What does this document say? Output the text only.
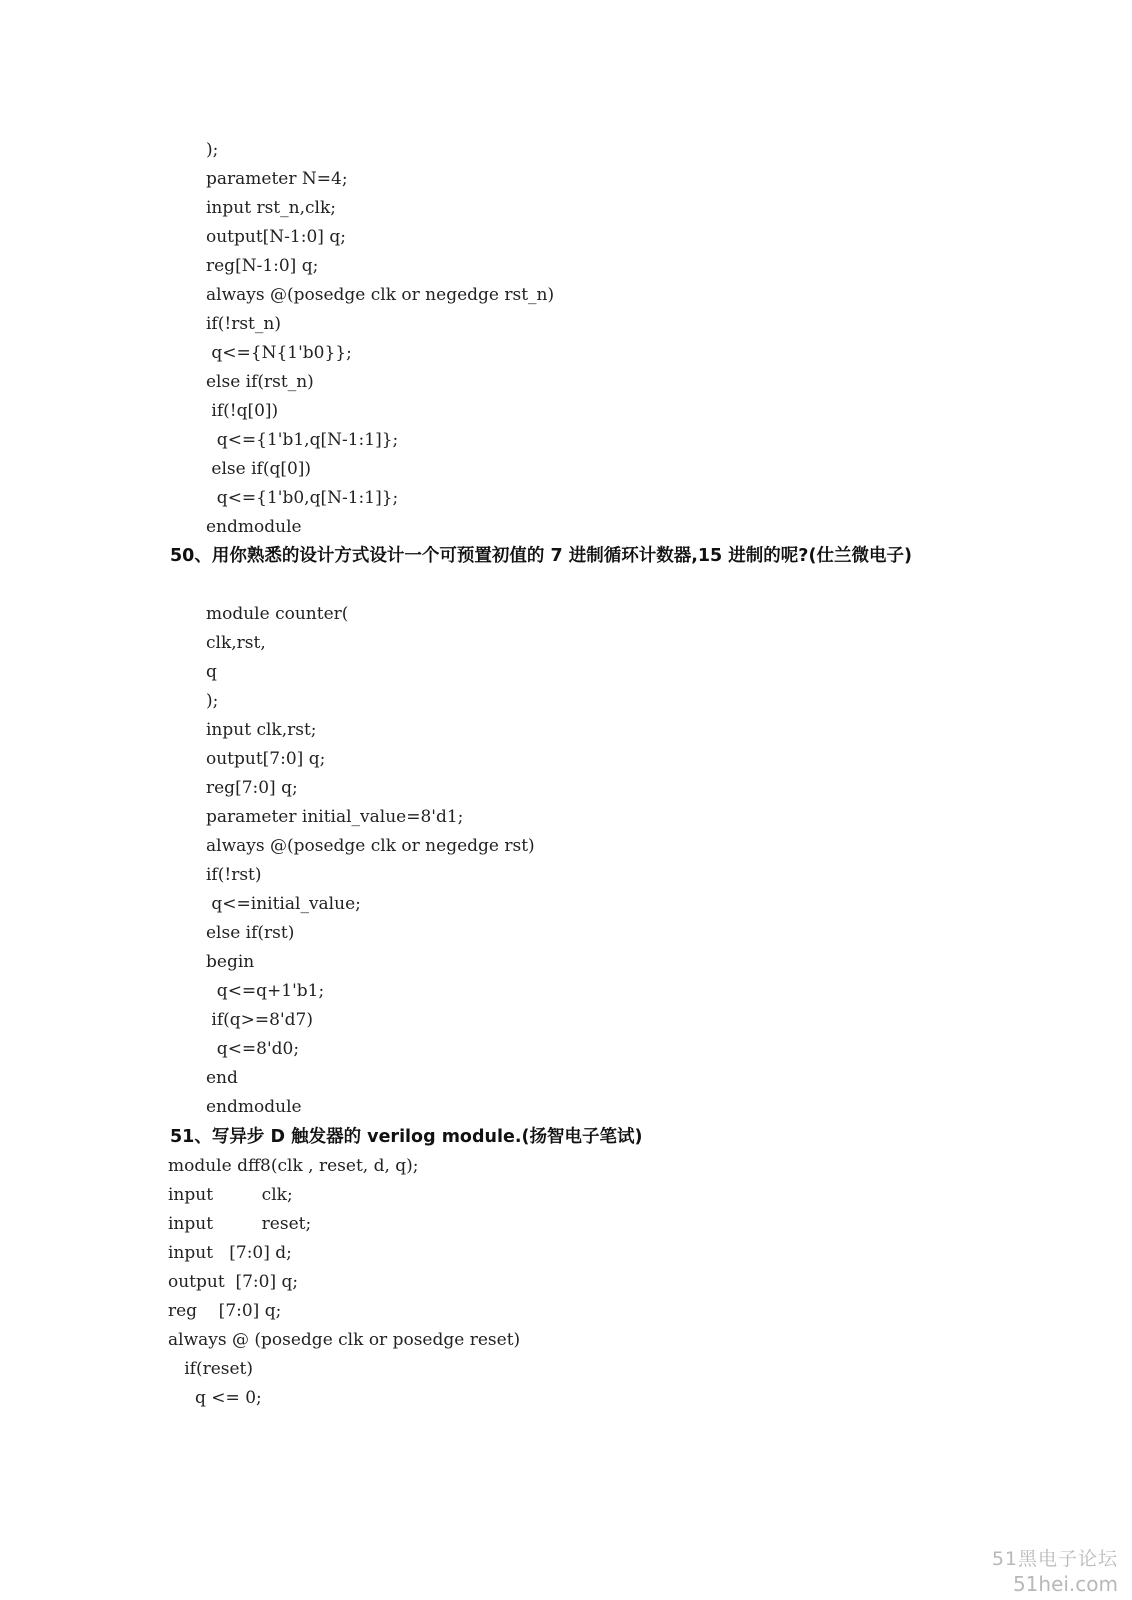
);
parameter N=4;
input rst_n,clk;
output[N-1:0] q;
reg[N-1:0] q;
always @(posedge clk or negedge rst_n)
if(!rst_n)
q<={N{1'b0}};
else if(rst_n)
if(!q[0])
q<={1'b1,q[N-1:1]};
else if(q[0])
q<={1'b0,q[N-1:1]};
endmodule
50、用你熟悉的设计方式设计一个可预置初值的 7 进制循环计数器,15 进制的呢?(仕兰微电子)
module counter(
clk,rst,
q
);
input clk,rst;
output[7:0] q;
reg[7:0] q;
parameter initial_value=8'd1;
always @(posedge clk or negedge rst)
if(!rst)
q<=initial_value;
else if(rst)
begin
q<=q+1'b1;
if(q>=8'd7)
q<=8'd0;
end
endmodule
51、写异步 D 触发器的 verilog module.(扬智电子笔试)
module dff8(clk , reset, d, q);
input         clk;
input         reset;
input   [7:0] d;
output  [7:0] q;
reg    [7:0] q;
always @ (posedge clk or posedge reset)
if(reset)
q <= 0;
51黑电子论坛
51hei.com
